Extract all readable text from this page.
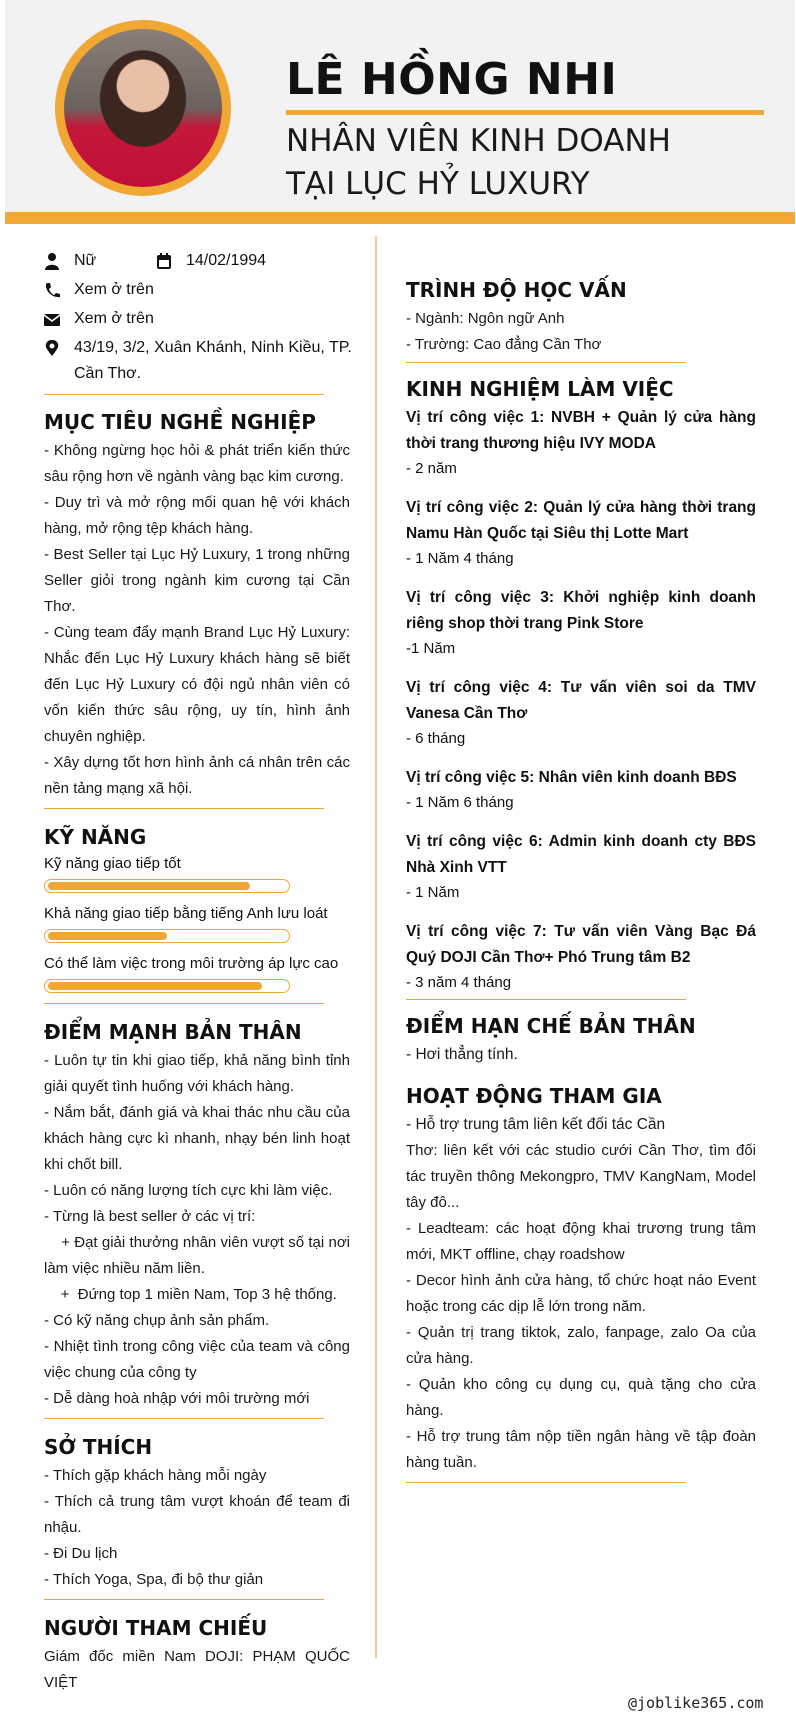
LÊ HỒNG NHI
NHÂN VIÊN KINH DOANH
TẠI LỤC HỶ LUXURY
Nữ	14/02/1994
Xem ở trên
Xem ở trên
43/19, 3/2, Xuân Khánh, Ninh Kiều, TP. Cần Thơ.
MỤC TIÊU NGHỀ NGHIỆP
- Không ngừng học hỏi & phát triển kiến thức sâu rộng hơn về ngành vàng bạc kim cương.
- Duy trì và mở rộng mối quan hệ với khách hàng, mở rộng tệp khách hàng.
- Best Seller tại Lục Hỷ Luxury, 1 trong những Seller giỏi trong ngành kim cương tại Cần Thơ.
- Cùng team đẩy mạnh Brand Lục Hỷ Luxury: Nhắc đến Lục Hỷ Luxury khách hàng sẽ biết đến Lục Hỷ Luxury có đội ngủ nhân viên có vốn kiến thức sâu rộng, uy tín, hình ảnh chuyên nghiệp.
- Xây dựng tốt hơn hình ảnh cá nhân trên các nền tảng mạng xã hội.
KỸ NĂNG
Kỹ năng giao tiếp tốt
Khả năng giao tiếp bằng tiếng Anh lưu loát
Có thể làm việc trong môi trường áp lực cao
ĐIỂM MẠNH BẢN THÂN
- Luôn tự tin khi giao tiếp, khả năng bình tỉnh giải quyết tình huống với khách hàng.
- Nắm bắt, đánh giá và khai thác nhu cầu của khách hàng cực kì nhanh, nhạy bén linh hoạt khi chốt bill.
- Luôn có năng lượng tích cực khi làm việc.
- Từng là best seller ở các vị trí:
+ Đạt giải thưởng nhân viên vượt số tại nơi làm việc nhiều năm liền.
+  Đứng top 1 miền Nam, Top 3 hệ thống.
- Có kỹ năng chụp ảnh sản phẩm.
- Nhiệt tình trong công việc của team và công việc chung của công ty
- Dễ dàng hoà nhập với môi trường mới
SỞ THÍCH
- Thích gặp khách hàng mỗi ngày
- Thích cả trung tâm vượt khoán để team đi nhậu.
- Đi Du lịch
- Thích Yoga, Spa, đi bộ thư giản
NGƯỜI THAM CHIẾU
Giám đốc miền Nam DOJI: PHẠM QUỐC VIỆT
TRÌNH ĐỘ HỌC VẤN
- Ngành: Ngôn ngữ Anh
- Trường: Cao đẳng Cần Thơ
KINH NGHIỆM LÀM VIỆC
Vị trí công việc 1: NVBH + Quản lý cửa hàng thời trang thương hiệu IVY MODA
- 2 năm
Vị trí công việc 2: Quản lý cửa hàng thời trang Namu Hàn Quốc tại Siêu thị Lotte Mart
- 1 Năm 4 tháng
Vị trí công việc 3: Khởi nghiệp kinh doanh riêng shop thời trang Pink Store
-1 Năm
Vị trí công việc 4: Tư vấn viên soi da TMV Vanesa Cần Thơ
- 6 tháng
Vị trí công việc 5: Nhân viên kinh doanh BĐS
- 1 Năm 6 tháng
Vị trí công việc 6: Admin kinh doanh cty BĐS Nhà Xinh VTT
- 1 Năm
Vị trí công việc 7: Tư vấn viên Vàng Bạc Đá Quý DOJI Cần Thơ+ Phó Trung tâm B2
- 3 năm 4 tháng
ĐIỂM HẠN CHẾ BẢN THÂN
- Hơi thẳng tính.
HOẠT ĐỘNG THAM GIA
- Hỗ trợ trung tâm liên kết đối tác Cần
Thơ: liên kết với các studio cưới Cần Thơ, tìm đối tác truyền thông Mekongpro, TMV KangNam, Model tây đô...
- Leadteam: các hoạt động khai trương trung tâm mới, MKT offline, chạy roadshow
- Decor hình ảnh cửa hàng, tổ chức hoạt náo Event hoặc trong các dịp lễ lớn trong năm.
- Quản trị trang tiktok, zalo, fanpage, zalo Oa của cửa hàng.
- Quản kho công cụ dụng cụ, quà tặng cho cửa hàng.
- Hỗ trợ trung tâm nộp tiền ngân hàng về tập đoàn hàng tuần.
@joblike365.com
